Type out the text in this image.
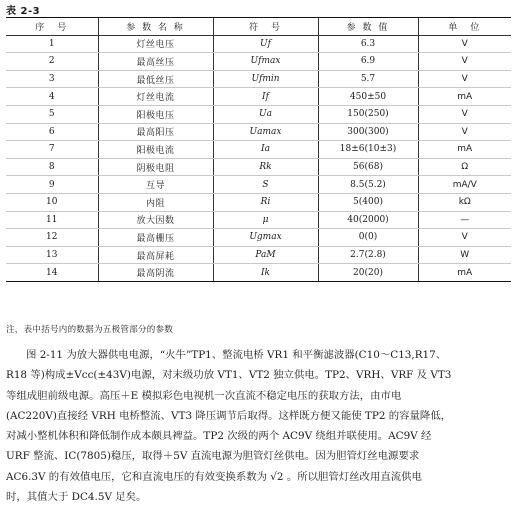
表 2-3
序　号	参 数 名 称	符　号	参 数 值	单　位
1	灯丝电压	Uf	6.3	V
2	最高丝压	Ufmax	6.9	V
3	最低丝压	Ufmin	5.7	V
4	灯丝电流	If	450±50	mA
5	阳极电压	Ua	150(250)	V
6	最高阳压	Uamax	300(300)	V
7	阳极电流	Ia	18±6(10±3)	mA
8	阴极电阻	Rk	56(68)	Ω
9	互导	S	8.5(5.2)	mA/V
10	内阻	Ri	5(400)	kΩ
11	放大因数	μ	40(2000)	—
12	最高栅压	Ugmax	0(0)	V
13	最高屏耗	PaM	2.7(2.8)	W
14	最高阴流	Ik	20(20)	mA
注，表中括号内的数据为五极管部分的参数

图 2-11 为放大器供电电源，“火牛”TP1、整流电桥 VR1 和平衡滤波器(C10～C13,R17、

R18 等)构成±Vcc(±43V)电源，对末级功放 VT1、VT2 独立供电。TP2、VRH、VRF 及 VT3

等组成胆前级电源。高压＋E 模拟彩色电视机一次直流不稳定电压的获取方法，由市电

(AC220V)直接经 VRH 电桥整流、VT3 降压调节后取得。这样既方便又能使 TP2 的容量降低，

对减小整机体积和降低制作成本颇具裨益。TP2 次级的两个 AC9V 绕组并联使用。AC9V 经

URF 整流、IC(7805)稳压，取得＋5V 直流电源为胆管灯丝供电。因为胆管灯丝电源要求

AC6.3V 的有效值电压，它和直流电压的有效变换系数为 √2 。所以胆管灯丝改用直流供电

时，其值大于 DC4.5V 足矣。
